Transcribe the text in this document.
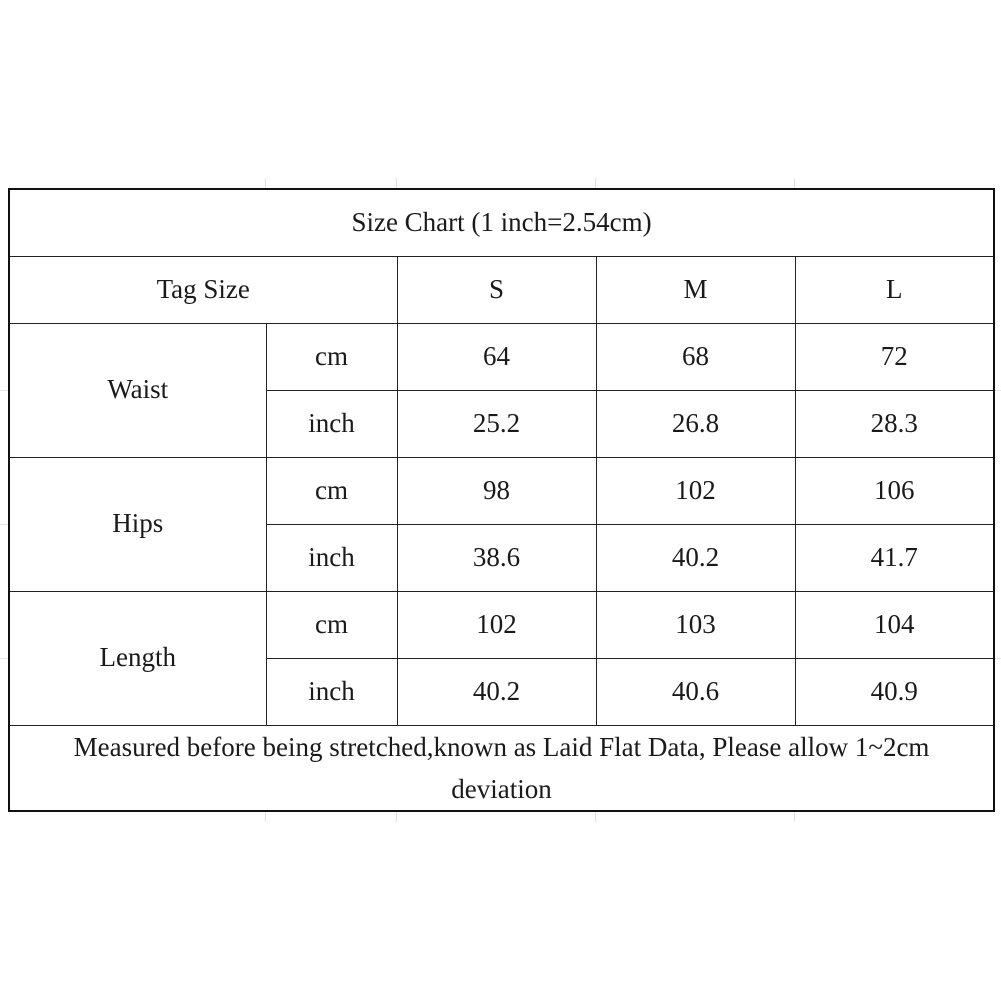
Size Chart (1 inch=2.54cm)				
Tag Size		S	M	L
Waist	cm	64	68	72
	inch	25.2	26.8	28.3
Hips	cm	98	102	106
	inch	38.6	40.2	41.7
Length	cm	102	103	104
	inch	40.2	40.6	40.9
Measured before being stretched,known as Laid Flat Data, Please allow 1~2cm deviation				
